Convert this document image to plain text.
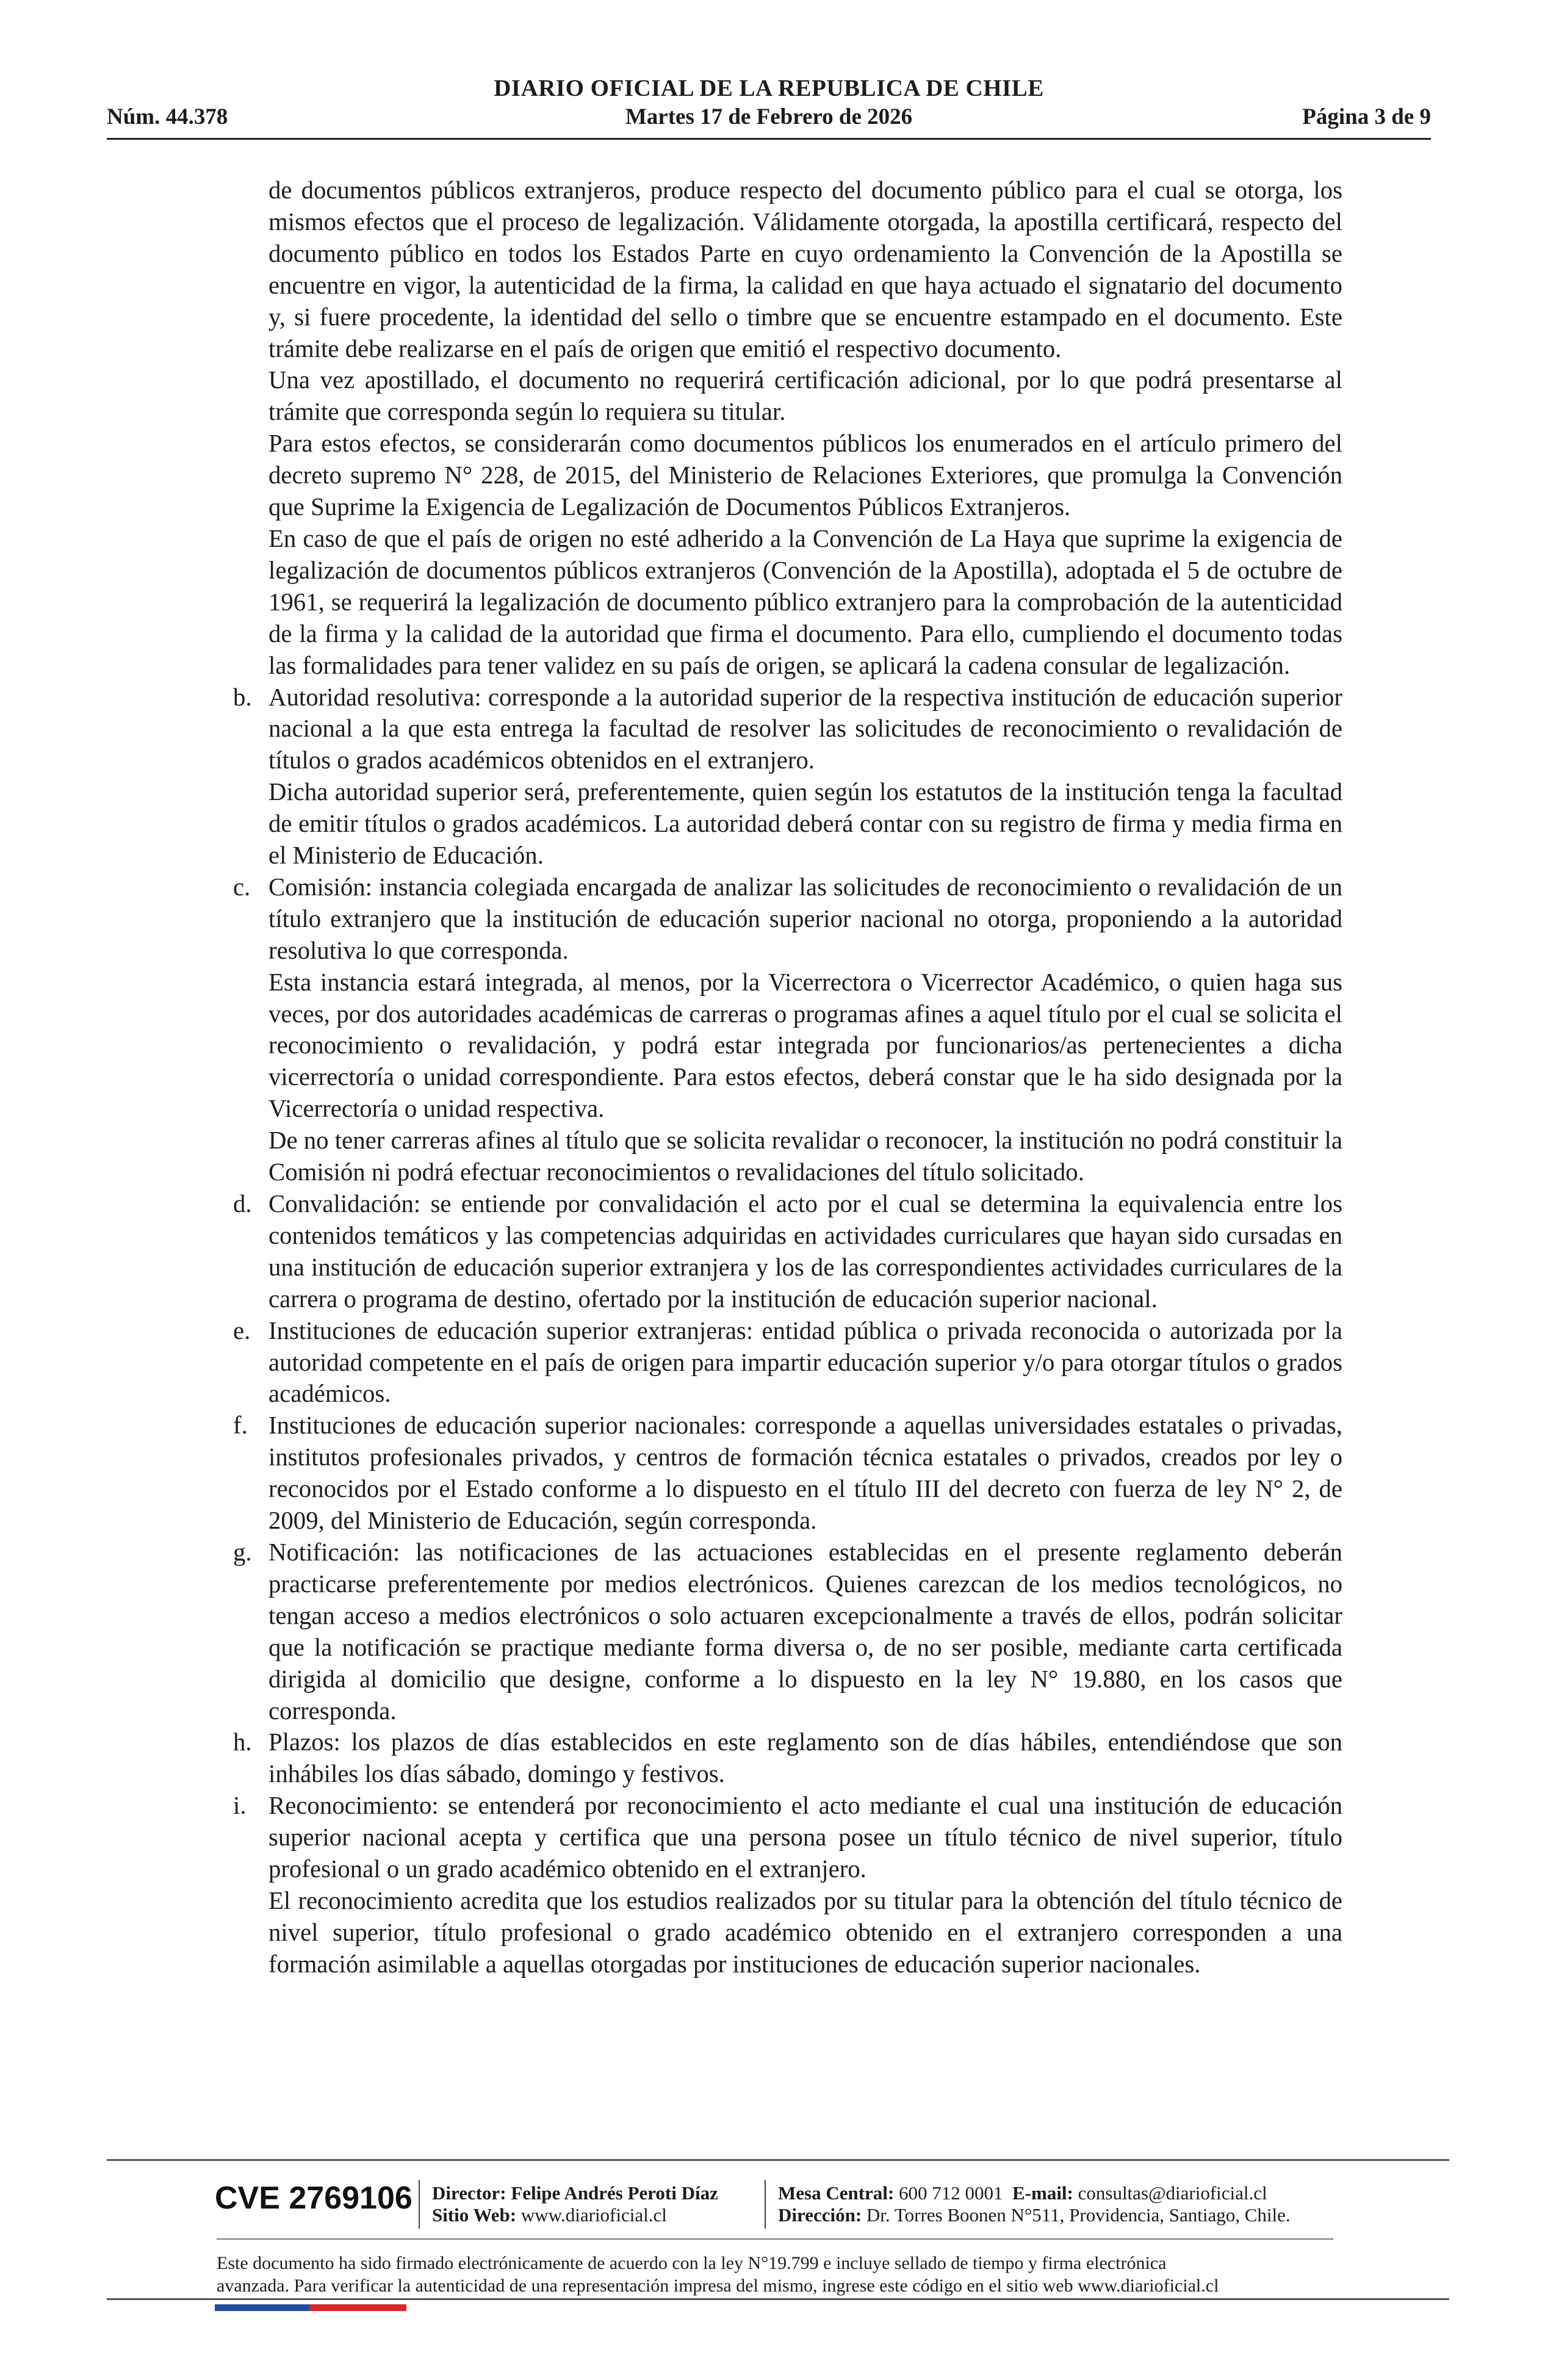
DIARIO OFICIAL DE LA REPUBLICA DE CHILE
Núm. 44.378	Martes 17 de Febrero de 2026	Página 3 de 9

de documentos públicos extranjeros, produce respecto del documento público para el cual se otorga, los mismos efectos que el proceso de legalización. Válidamente otorgada, la apostilla certificará, respecto del documento público en todos los Estados Parte en cuyo ordenamiento la Convención de la Apostilla se encuentre en vigor, la autenticidad de la firma, la calidad en que haya actuado el signatario del documento y, si fuere procedente, la identidad del sello o timbre que se encuentre estampado en el documento. Este trámite debe realizarse en el país de origen que emitió el respectivo documento.

Una vez apostillado, el documento no requerirá certificación adicional, por lo que podrá presentarse al trámite que corresponda según lo requiera su titular.

Para estos efectos, se considerarán como documentos públicos los enumerados en el artículo primero del decreto supremo N° 228, de 2015, del Ministerio de Relaciones Exteriores, que promulga la Convención que Suprime la Exigencia de Legalización de Documentos Públicos Extranjeros.

En caso de que el país de origen no esté adherido a la Convención de La Haya que suprime la exigencia de legalización de documentos públicos extranjeros (Convención de la Apostilla), adoptada el 5 de octubre de 1961, se requerirá la legalización de documento público extranjero para la comprobación de la autenticidad de la firma y la calidad de la autoridad que firma el documento. Para ello, cumpliendo el documento todas las formalidades para tener validez en su país de origen, se aplicará la cadena consular de legalización.

b. Autoridad resolutiva: corresponde a la autoridad superior de la respectiva institución de educación superior nacional a la que esta entrega la facultad de resolver las solicitudes de reconocimiento o revalidación de títulos o grados académicos obtenidos en el extranjero.

Dicha autoridad superior será, preferentemente, quien según los estatutos de la institución tenga la facultad de emitir títulos o grados académicos. La autoridad deberá contar con su registro de firma y media firma en el Ministerio de Educación.

c. Comisión: instancia colegiada encargada de analizar las solicitudes de reconocimiento o revalidación de un título extranjero que la institución de educación superior nacional no otorga, proponiendo a la autoridad resolutiva lo que corresponda.

Esta instancia estará integrada, al menos, por la Vicerrectora o Vicerrector Académico, o quien haga sus veces, por dos autoridades académicas de carreras o programas afines a aquel título por el cual se solicita el reconocimiento o revalidación, y podrá estar integrada por funcionarios/as pertenecientes a dicha vicerrectoría o unidad correspondiente. Para estos efectos, deberá constar que le ha sido designada por la Vicerrectoría o unidad respectiva.

De no tener carreras afines al título que se solicita revalidar o reconocer, la institución no podrá constituir la Comisión ni podrá efectuar reconocimientos o revalidaciones del título solicitado.

d. Convalidación: se entiende por convalidación el acto por el cual se determina la equivalencia entre los contenidos temáticos y las competencias adquiridas en actividades curriculares que hayan sido cursadas en una institución de educación superior extranjera y los de las correspondientes actividades curriculares de la carrera o programa de destino, ofertado por la institución de educación superior nacional.

e. Instituciones de educación superior extranjeras: entidad pública o privada reconocida o autorizada por la autoridad competente en el país de origen para impartir educación superior y/o para otorgar títulos o grados académicos.

f. Instituciones de educación superior nacionales: corresponde a aquellas universidades estatales o privadas, institutos profesionales privados, y centros de formación técnica estatales o privados, creados por ley o reconocidos por el Estado conforme a lo dispuesto en el título III del decreto con fuerza de ley N° 2, de 2009, del Ministerio de Educación, según corresponda.

g. Notificación: las notificaciones de las actuaciones establecidas en el presente reglamento deberán practicarse preferentemente por medios electrónicos. Quienes carezcan de los medios tecnológicos, no tengan acceso a medios electrónicos o solo actuaren excepcionalmente a través de ellos, podrán solicitar que la notificación se practique mediante forma diversa o, de no ser posible, mediante carta certificada dirigida al domicilio que designe, conforme a lo dispuesto en la ley N° 19.880, en los casos que corresponda.

h. Plazos: los plazos de días establecidos en este reglamento son de días hábiles, entendiéndose que son inhábiles los días sábado, domingo y festivos.

i. Reconocimiento: se entenderá por reconocimiento el acto mediante el cual una institución de educación superior nacional acepta y certifica que una persona posee un título técnico de nivel superior, título profesional o un grado académico obtenido en el extranjero.

El reconocimiento acredita que los estudios realizados por su titular para la obtención del título técnico de nivel superior, título profesional o grado académico obtenido en el extranjero corresponden a una formación asimilable a aquellas otorgadas por instituciones de educación superior nacionales.

CVE 2769106 Director: Felipe Andrés Peroti Díaz
Sitio Web: www.diarioficial.cl
Mesa Central: 600 712 0001 E-mail: consultas@diarioficial.cl
Dirección: Dr. Torres Boonen N°511, Providencia, Santiago, Chile.
Este documento ha sido firmado electrónicamente de acuerdo con la ley N°19.799 e incluye sellado de tiempo y firma electrónica
avanzada. Para verificar la autenticidad de una representación impresa del mismo, ingrese este código en el sitio web www.diarioficial.cl
